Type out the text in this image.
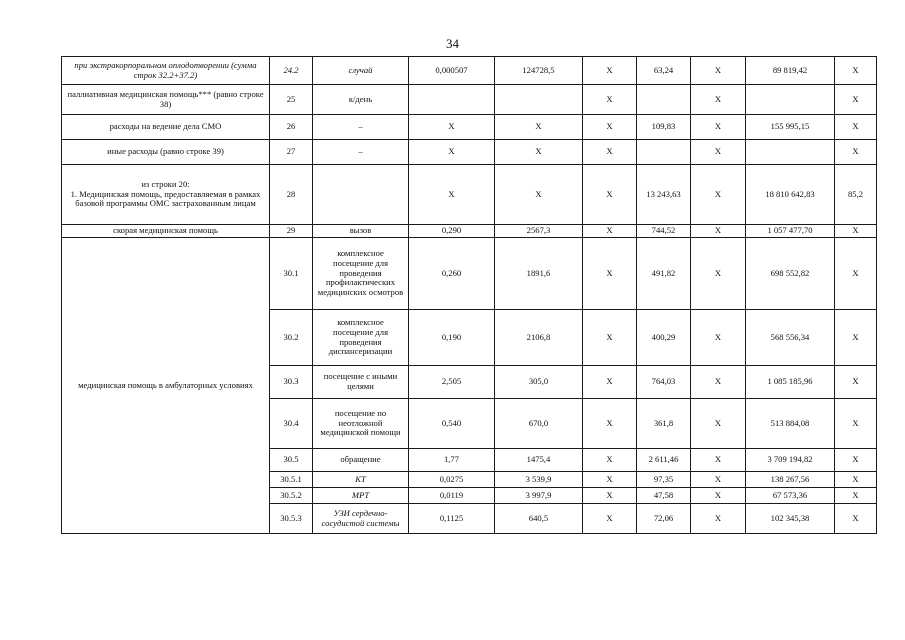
34
при экстракорпоральном оплодотворении (сумма строк 32.2+37.2)	24.2	случай	0,000507	124728,5	Х	63,24	Х	89 819,42	Х
паллиативная медицинская помощь*** (равно строке 38)	25	к/день			Х		Х		Х
расходы на ведение дела СМО	26	–	Х	Х	Х	109,83	Х	155 995,15	Х
иные расходы (равно строке 39)	27	–	Х	Х	Х		Х		Х
из строки 20:
1. Медицинская помощь, предоставляемая в рамках базовой программы ОМС застрахованным лицам	28		Х	Х	Х	13 243,63	Х	18 810 642,83	85,2
скорая медицинская помощь	29	вызов	0,290	2567,3	Х	744,52	Х	1 057 477,70	Х
медицинская помощь в амбулаторных условиях	30.1	комплексное посещение для проведения профилактических медицинских осмотров	0,260	1891,6	Х	491,82	Х	698 552,82	Х
	30.2	комплексное посещение для проведения диспансеризации	0,190	2106,8	Х	400,29	Х	568 556,34	Х
	30.3	посещение с иными целями	2,505	305,0	Х	764,03	Х	1 085 185,96	Х
	30.4	посещение по неотложной медицинской помощи	0,540	670,0	Х	361,8	Х	513 884,08	Х
	30.5	обращение	1,77	1475,4	Х	2 611,46	Х	3 709 194,82	Х
	30.5.1	КТ	0,0275	3 539,9	Х	97,35	Х	138 267,56	Х
	30.5.2	МРТ	0,0119	3 997,9	Х	47,58	Х	67 573,36	Х
	30.5.3	УЗИ сердечно-сосудистой системы	0,1125	640,5	Х	72,06	Х	102 345,38	Х
